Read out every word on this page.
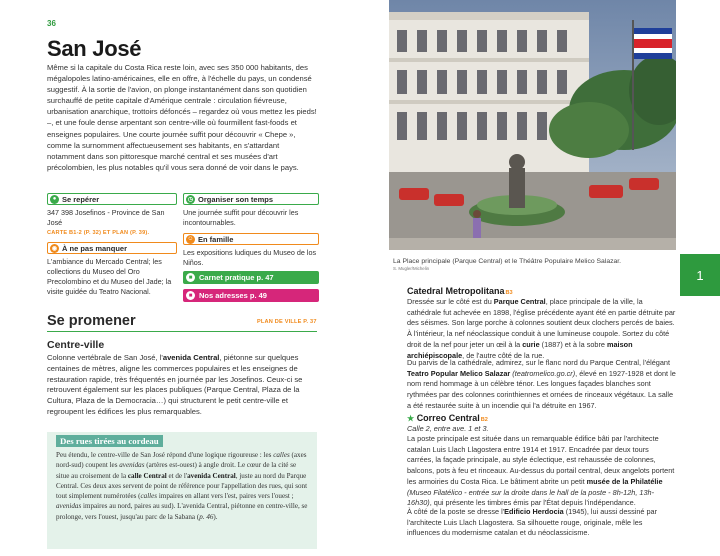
36
San José

Même si la capitale du Costa Rica reste loin, avec ses 350 000 habitants, des mégalopoles latino-américaines, elle en offre, à l'échelle du pays, un condensé suggestif. À la sortie de l'avion, on plonge instantanément dans son quotidien surchauffé de petite capitale d'Amérique centrale : circulation fiévreuse, urbanisation anarchique, trottoirs défoncés – regardez où vous mettez les pieds! –, et une foule dense arpentant son centre-ville où fourmillent fast-foods et enseignes populaires. Une courte journée suffit pour découvrir « Chepe », comme la surnomment affectueusement ses habitants, en s'attardant notamment dans son pittoresque marché central et ses musées d'art précolombien, les plus notables qu'il vous sera donné de voir dans le pays.

● Se repérer
347 398 Josefinos - Province de San José
CARTE B1-2 (P. 32) ET PLAN (P. 39).
◷ Organiser son temps
Une journée suffit pour découvrir les incontournables.
◉ À ne pas manquer
L'ambiance du Mercado Central; les collections du Museo del Oro Precolombino et du Museo del Jade; la visite guidée du Teatro Nacional.
☺ En famille
Les expositions ludiques du Museo de los Niños.
■ Carnet pratique p. 47
■ Nos adresses p. 49
Se promener	PLAN DE VILLE P. 37
Centre-ville

Colonne vertébrale de San José, l'avenida Central, piétonne sur quelques centaines de mètres, aligne les commerces populaires et les enseignes de restauration rapide, très fréquentés en journée par les Josefinos. Ceux-ci se retrouvent également sur les places publiques (Parque Central, Plaza de la Cultura, Plaza de la Democracia…) qui structurent le petit centre-ville et regroupent les édifices les plus remarquables.

Des rues tirées au cordeau

Peu étendu, le centre-ville de San José répond d'une logique rigoureuse : les calles (axes nord-sud) coupent les avenidas (artères est-ouest) à angle droit. Le cœur de la cité se situe au croisement de la calle Central et de l'avenida Central, juste au nord du Parque Central. Ces deux axes servent de point de référence pour l'appellation des rues, qui sont tout simplement numérotées (calles impaires en allant vers l'est, paires vers l'ouest ; avenidas impaires au nord, paires au sud). L'avenida Central, piétonne en centre-ville, se prolonge, vers l'ouest, jusqu'au parc de la Sabana (p. 46).

La Place principale (Parque Central) et le Théâtre Populaire Melico Salazar.
S. Mugler/Michelin	1
Catedral MetropolitanaB3

Dressée sur le côté est du Parque Central, place principale de la ville, la cathédrale fut achevée en 1898, l'église précédente ayant été en partie détruite par des séismes. Son large porche à colonnes soutient deux clochers percés de baies. À l'intérieur, la nef néoclassique conduit à une lumineuse coupole. Sortez du côté droit de la nef pour jeter un œil à la curie (1887) et à la sobre maison archiépiscopale, de l'autre côté de la rue.

Du parvis de la cathédrale, admirez, sur le flanc nord du Parque Central, l'élégant Teatro Popular Melico Salazar (teatromelico.go.cr), élevé en 1927-1928 et dont le nom rend hommage à un célèbre ténor. Les longues façades blanches sont rythmées par des colonnes corinthiennes et ornées de rinceaux végétaux. La salle a été restaurée suite à un incendie qui l'a détruite en 1967.

★ Correo CentralB2
Calle 2, entre ave. 1 et 3.

La poste principale est située dans un remarquable édifice bâti par l'architecte catalan Luis Llach Llagostera entre 1914 et 1917. Encadrée par deux tours carrées, la façade principale, au style éclectique, est rehaussée de colonnes, balcons, pots à feu et rinceaux. Au-dessus du portail central, deux angelots portent les armoiries du Costa Rica. Le bâtiment abrite un petit musée de la Philatélie (Museo Filatélico - entrée sur la droite dans le hall de la poste - 8h-12h, 13h-16h30), qui présente les timbres émis par l'État depuis l'indépendance.

À côté de la poste se dresse l'Edificio Herdocia (1945), lui aussi dessiné par l'architecte Luis Llach Llagostera. Sa silhouette rouge, originale, mêle les influences du modernisme catalan et du néoclassicisme.
